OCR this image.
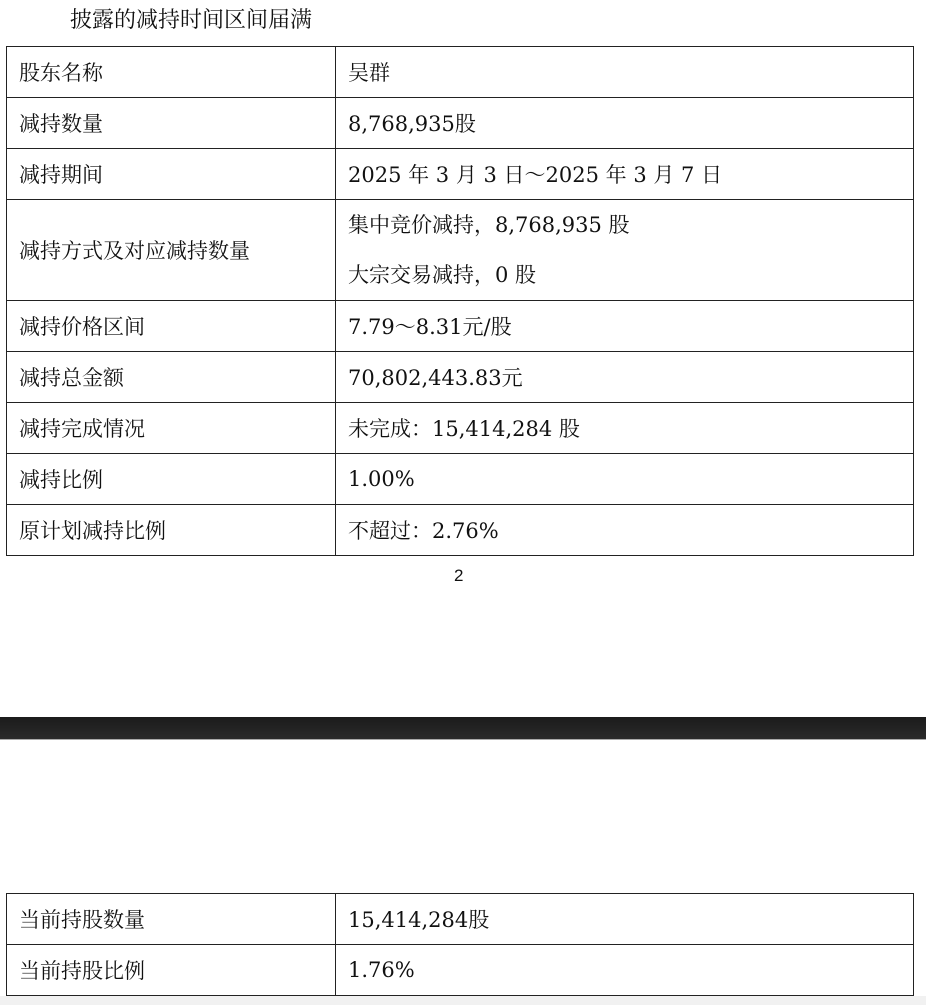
披露的减持时间区间届满
股东名称	吴群
减持数量	8,768,935股
减持期间	2025 年 3 月 3 日～2025 年 3 月 7 日
减持方式及对应减持数量	集中竞价减持，8,768,935 股
大宗交易减持，0 股

减持价格区间	7.79～8.31元/股
减持总金额	70,802,443.83元
减持完成情况	未完成：15,414,284 股
减持比例	1.00%
原计划减持比例	不超过：2.76%
2
当前持股数量	15,414,284股
当前持股比例	1.76%
